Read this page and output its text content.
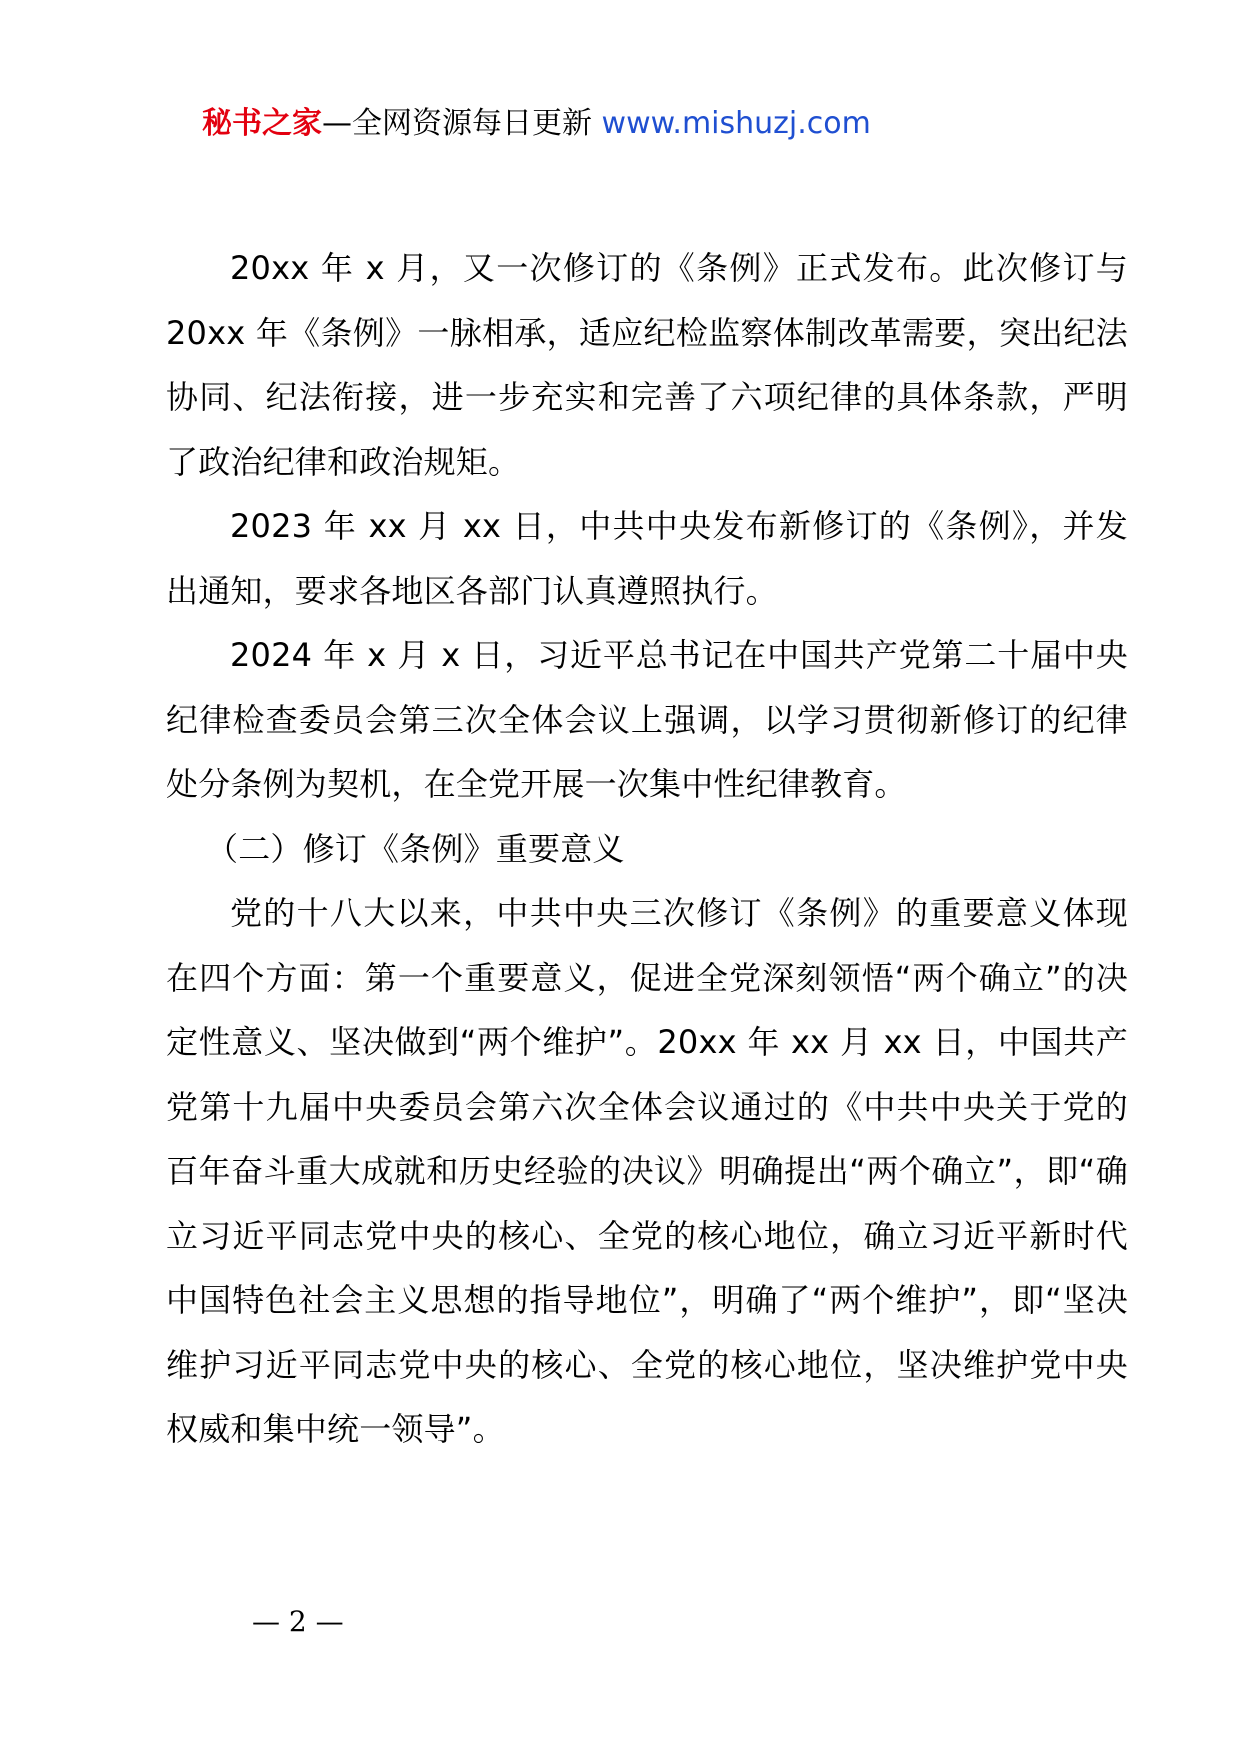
秘书之家—全网资源每日更新 www.mishuzj.com

20xx 年 x 月，又一次修订的《条例》正式发布。此次修订与 20xx 年《条例》一脉相承，适应纪检监察体制改革需要，突出纪法协同、纪法衔接，进一步充实和完善了六项纪律的具体条款，严明了政治纪律和政治规矩。

2023 年 xx 月 xx 日，中共中央发布新修订的《条例》，并发出通知，要求各地区各部门认真遵照执行。

2024 年 x 月 x 日，习近平总书记在中国共产党第二十届中央纪律检查委员会第三次全体会议上强调，以学习贯彻新修订的纪律处分条例为契机，在全党开展一次集中性纪律教育。

（二）修订《条例》重要意义

党的十八大以来，中共中央三次修订《条例》的重要意义体现在四个方面：第一个重要意义，促进全党深刻领悟“两个确立”的决定性意义、坚决做到“两个维护”。20xx 年 xx 月 xx 日，中国共产党第十九届中央委员会第六次全体会议通过的《中共中央关于党的百年奋斗重大成就和历史经验的决议》明确提出“两个确立”，即“确立习近平同志党中央的核心、全党的核心地位，确立习近平新时代中国特色社会主义思想的指导地位”，明确了“两个维护”，即“坚决维护习近平同志党中央的核心、全党的核心地位，坚决维护党中央权威和集中统一领导”。

— 2 —
